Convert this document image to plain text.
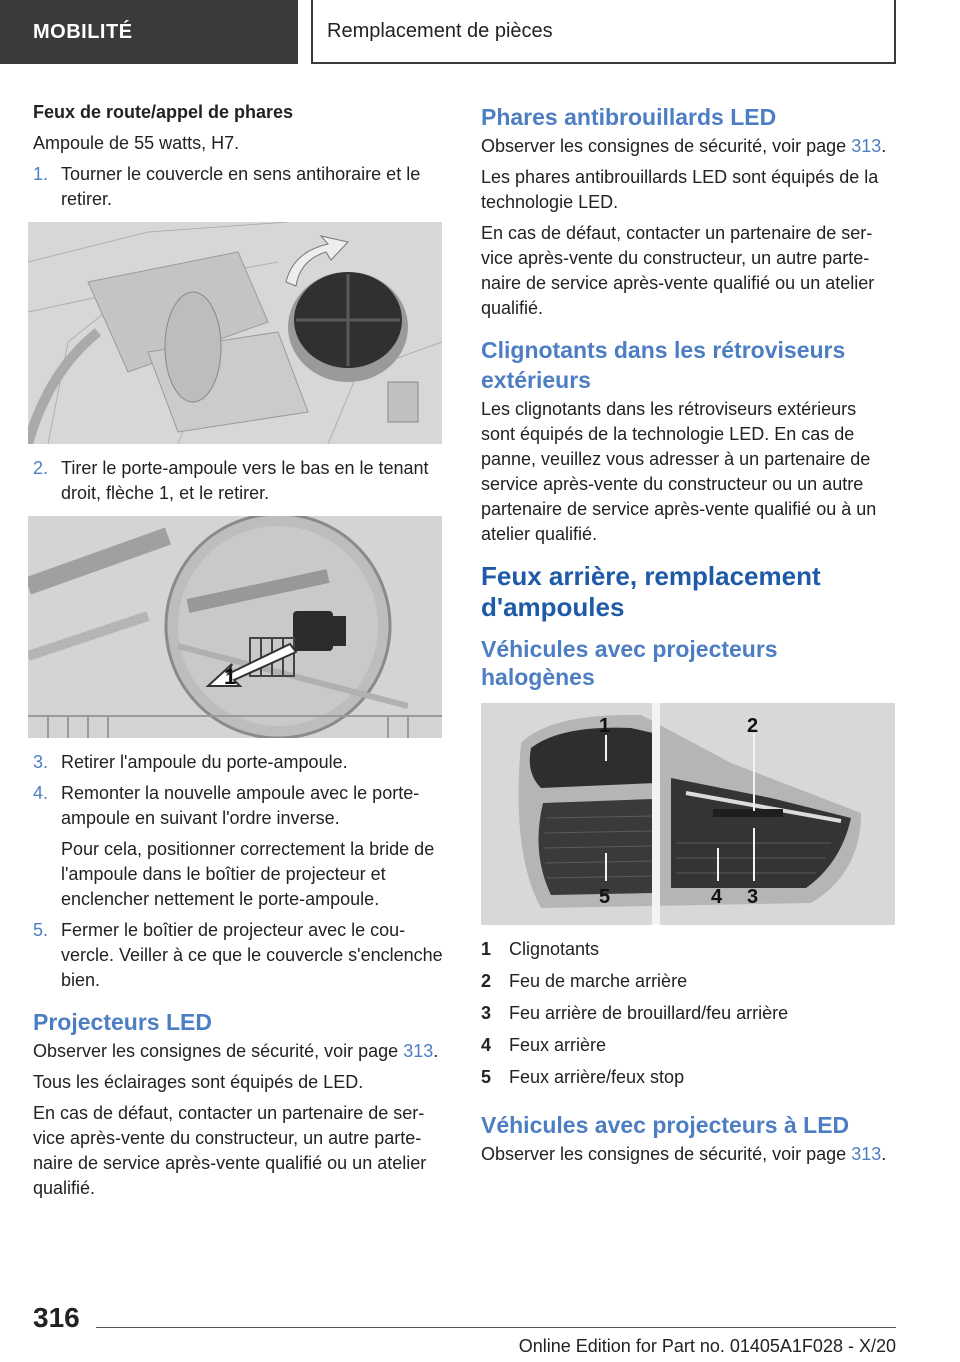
MOBILITÉ	Remplacement de pièces
Feux de route/appel de phares

Ampoule de 55 watts, H7.

1. Tourner le couvercle en sens antihoraire et le retirer.
2. Tirer le porte-ampoule vers le bas en le tenant droit, flèche 1, et le retirer.
1
3. Retirer l'ampoule du porte-ampoule.
4. Remonter la nouvelle ampoule avec le porte-ampoule en suivant l'ordre inverse.
Pour cela, positionner correctement la bride de l'ampoule dans le boîtier de projecteur et enclencher nettement le porte-ampoule.
5. Fermer le boîtier de projecteur avec le couvercle. Veiller à ce que le couvercle s'enclenche bien.
Projecteurs LED

Observer les consignes de sécurité, voir page 313.

Tous les éclairages sont équipés de LED.

En cas de défaut, contacter un partenaire de service après-vente du constructeur, un autre partenaire de service après-vente qualifié ou un atelier qualifié.

Phares antibrouillards LED

Observer les consignes de sécurité, voir page 313.

Les phares antibrouillards LED sont équipés de la technologie LED.

En cas de défaut, contacter un partenaire de service après-vente du constructeur, un autre partenaire de service après-vente qualifié ou un atelier qualifié.

Clignotants dans les rétroviseurs extérieurs

Les clignotants dans les rétroviseurs extérieurs sont équipés de la technologie LED. En cas de panne, veuillez vous adresser à un partenaire de service après-vente du constructeur ou un autre partenaire de service après-vente qualifié ou à un atelier qualifié.

Feux arrière, remplacement d'ampoules
Véhicules avec projecteurs halogènes
1	2
3
4
5
1 Clignotants
2 Feu de marche arrière
3 Feu arrière de brouillard/feu arrière
4 Feux arrière
5 Feux arrière/feux stop
Véhicules avec projecteurs à LED

Observer les consignes de sécurité, voir page 313.

316
Online Edition for Part no. 01405A1F028 - X/20
